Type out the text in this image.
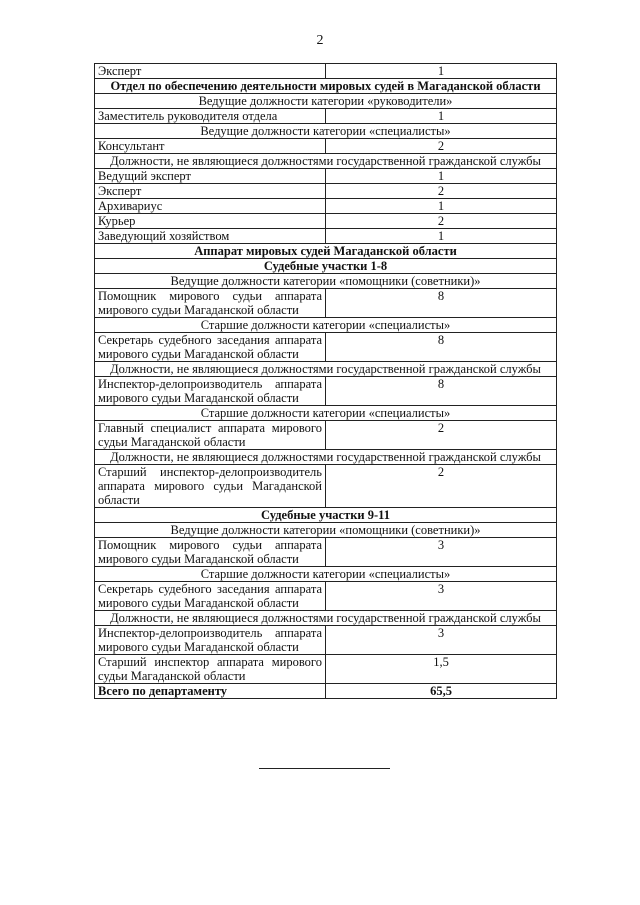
2
Эксперт	1
Отдел по обеспечению деятельности мировых судей в Магаданской области	
Ведущие должности категории «руководители»	
Заместитель руководителя отдела	1
Ведущие должности категории «специалисты»	
Консультант	2
Должности, не являющиеся должностями государственной гражданской службы	
Ведущий эксперт	1
Эксперт	2
Архивариус	1
Курьер	2
Заведующий хозяйством	1
Аппарат мировых судей Магаданской области	
Судебные участки 1-8	
Ведущие должности категории «помощники (советники)»	
Помощник мирового судьи аппарата мирового судьи Магаданской области	8
Старшие должности категории «специалисты»	
Секретарь судебного заседания аппарата мирового судьи Магаданской области	8
Должности, не являющиеся должностями государственной гражданской службы	
Инспектор-делопроизводитель аппарата мирового судьи Магаданской области	8
Старшие должности категории «специалисты»	
Главный специалист аппарата мирового судьи Магаданской области	2
Должности, не являющиеся должностями государственной гражданской службы	
Старший инспектор-делопроизводитель аппарата мирового судьи Магаданской области	2
Судебные участки 9-11	
Ведущие должности категории «помощники (советники)»	
Помощник мирового судьи аппарата мирового судьи Магаданской области	3
Старшие должности категории «специалисты»	
Секретарь судебного заседания аппарата мирового судьи Магаданской области	3
Должности, не являющиеся должностями государственной гражданской службы	
Инспектор-делопроизводитель аппарата мирового судьи Магаданской области	3
Старший инспектор аппарата мирового судьи Магаданской области	1,5
Всего по департаменту	65,5
